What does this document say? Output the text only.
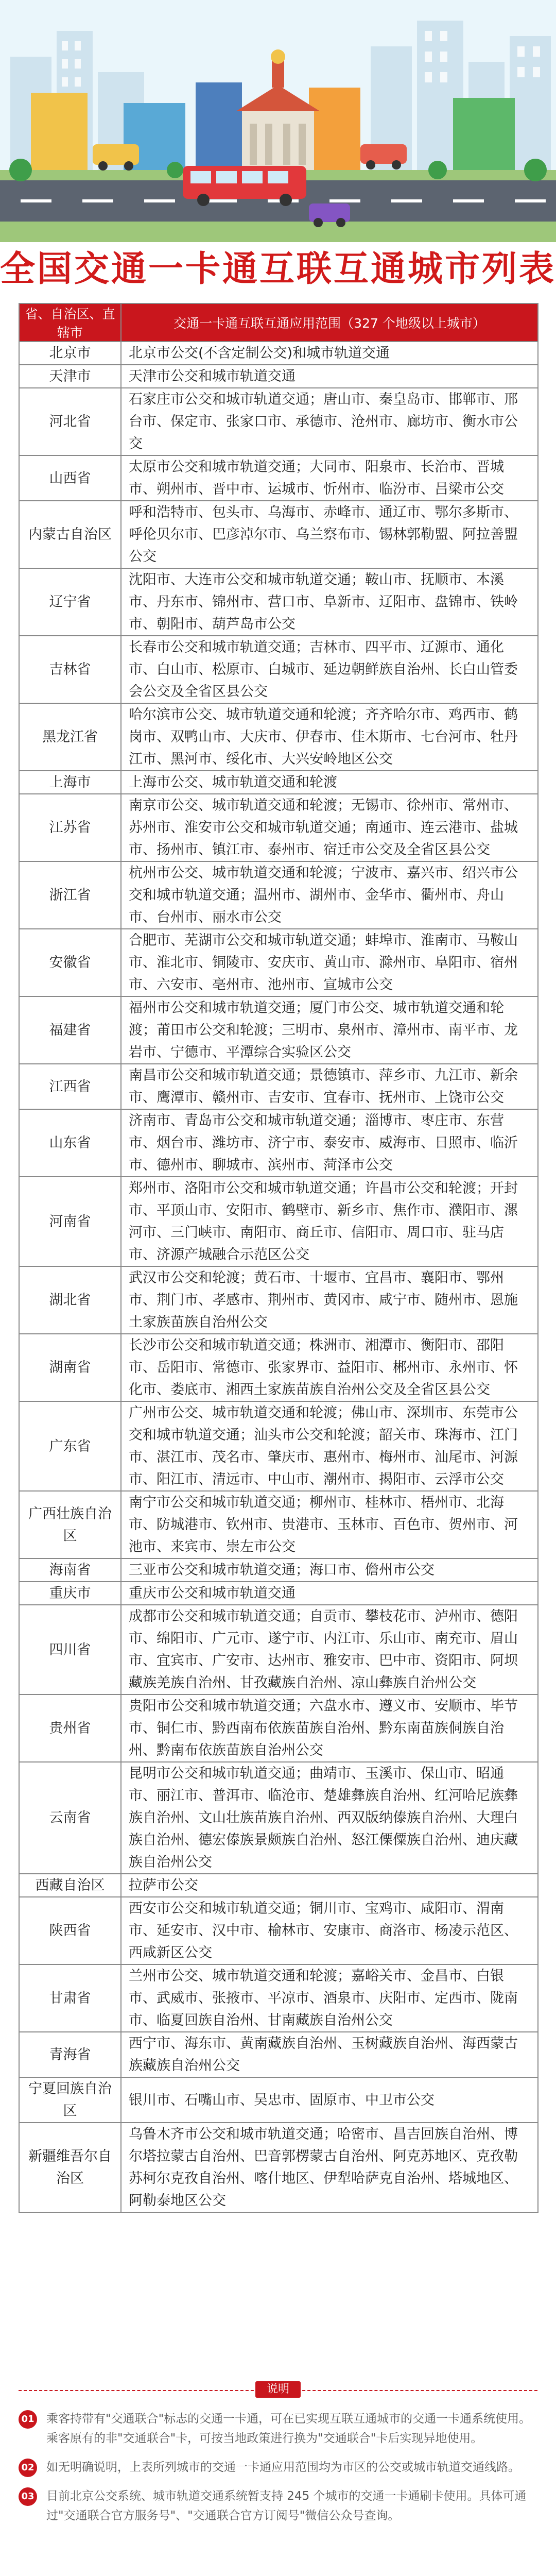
全国交通一卡通互联互通城市列表
省、自治区、直辖市	交通一卡通互联互通应用范围（327 个地级以上城市）
北京市	北京市公交(不含定制公交)和城市轨道交通
天津市	天津市公交和城市轨道交通
河北省	石家庄市公交和城市轨道交通；唐山市、秦皇岛市、邯郸市、邢台市、保定市、张家口市、承德市、沧州市、廊坊市、衡水市公交
山西省	太原市公交和城市轨道交通；大同市、阳泉市、长治市、晋城市、朔州市、晋中市、运城市、忻州市、临汾市、吕梁市公交
内蒙古自治区	呼和浩特市、包头市、乌海市、赤峰市、通辽市、鄂尔多斯市、呼伦贝尔市、巴彦淖尔市、乌兰察布市、锡林郭勒盟、阿拉善盟公交
辽宁省	沈阳市、大连市公交和城市轨道交通；鞍山市、抚顺市、本溪市、丹东市、锦州市、营口市、阜新市、辽阳市、盘锦市、铁岭市、朝阳市、葫芦岛市公交
吉林省	长春市公交和城市轨道交通；吉林市、四平市、辽源市、通化市、白山市、松原市、白城市、延边朝鲜族自治州、长白山管委会公交及全省区县公交
黑龙江省	哈尔滨市公交、城市轨道交通和轮渡；齐齐哈尔市、鸡西市、鹤岗市、双鸭山市、大庆市、伊春市、佳木斯市、七台河市、牡丹江市、黑河市、绥化市、大兴安岭地区公交
上海市	上海市公交、城市轨道交通和轮渡
江苏省	南京市公交、城市轨道交通和轮渡；无锡市、徐州市、常州市、苏州市、淮安市公交和城市轨道交通；南通市、连云港市、盐城市、扬州市、镇江市、泰州市、宿迁市公交及全省区县公交
浙江省	杭州市公交、城市轨道交通和轮渡；宁波市、嘉兴市、绍兴市公交和城市轨道交通；温州市、湖州市、金华市、衢州市、舟山市、台州市、丽水市公交
安徽省	合肥市、芜湖市公交和城市轨道交通；蚌埠市、淮南市、马鞍山市、淮北市、铜陵市、安庆市、黄山市、滁州市、阜阳市、宿州市、六安市、亳州市、池州市、宣城市公交
福建省	福州市公交和城市轨道交通；厦门市公交、城市轨道交通和轮渡；莆田市公交和轮渡；三明市、泉州市、漳州市、南平市、龙岩市、宁德市、平潭综合实验区公交
江西省	南昌市公交和城市轨道交通；景德镇市、萍乡市、九江市、新余市、鹰潭市、赣州市、吉安市、宜春市、抚州市、上饶市公交
山东省	济南市、青岛市公交和城市轨道交通；淄博市、枣庄市、东营市、烟台市、潍坊市、济宁市、泰安市、威海市、日照市、临沂市、德州市、聊城市、滨州市、菏泽市公交
河南省	郑州市、洛阳市公交和城市轨道交通；许昌市公交和轮渡；开封市、平顶山市、安阳市、鹤壁市、新乡市、焦作市、濮阳市、漯河市、三门峡市、南阳市、商丘市、信阳市、周口市、驻马店市、济源产城融合示范区公交
湖北省	武汉市公交和轮渡；黄石市、十堰市、宜昌市、襄阳市、鄂州市、荆门市、孝感市、荆州市、黄冈市、咸宁市、随州市、恩施土家族苗族自治州公交
湖南省	长沙市公交和城市轨道交通；株洲市、湘潭市、衡阳市、邵阳市、岳阳市、常德市、张家界市、益阳市、郴州市、永州市、怀化市、娄底市、湘西土家族苗族自治州公交及全省区县公交
广东省	广州市公交、城市轨道交通和轮渡；佛山市、深圳市、东莞市公交和城市轨道交通；汕头市公交和轮渡；韶关市、珠海市、江门市、湛江市、茂名市、肇庆市、惠州市、梅州市、汕尾市、河源市、阳江市、清远市、中山市、潮州市、揭阳市、云浮市公交
广西壮族自治区	南宁市公交和城市轨道交通；柳州市、桂林市、梧州市、北海市、防城港市、钦州市、贵港市、玉林市、百色市、贺州市、河池市、来宾市、崇左市公交
海南省	三亚市公交和城市轨道交通；海口市、儋州市公交
重庆市	重庆市公交和城市轨道交通
四川省	成都市公交和城市轨道交通；自贡市、攀枝花市、泸州市、德阳市、绵阳市、广元市、遂宁市、内江市、乐山市、南充市、眉山市、宜宾市、广安市、达州市、雅安市、巴中市、资阳市、阿坝藏族羌族自治州、甘孜藏族自治州、凉山彝族自治州公交
贵州省	贵阳市公交和城市轨道交通；六盘水市、遵义市、安顺市、毕节市、铜仁市、黔西南布依族苗族自治州、黔东南苗族侗族自治州、黔南布依族苗族自治州公交
云南省	昆明市公交和城市轨道交通；曲靖市、玉溪市、保山市、昭通市、丽江市、普洱市、临沧市、楚雄彝族自治州、红河哈尼族彝族自治州、文山壮族苗族自治州、西双版纳傣族自治州、大理白族自治州、德宏傣族景颇族自治州、怒江傈僳族自治州、迪庆藏族自治州公交
西藏自治区	拉萨市公交
陕西省	西安市公交和城市轨道交通；铜川市、宝鸡市、咸阳市、渭南市、延安市、汉中市、榆林市、安康市、商洛市、杨凌示范区、西咸新区公交
甘肃省	兰州市公交、城市轨道交通和轮渡；嘉峪关市、金昌市、白银市、武威市、张掖市、平凉市、酒泉市、庆阳市、定西市、陇南市、临夏回族自治州、甘南藏族自治州公交
青海省	西宁市、海东市、黄南藏族自治州、玉树藏族自治州、海西蒙古族藏族自治州公交
宁夏回族自治区	银川市、石嘴山市、吴忠市、固原市、中卫市公交
新疆维吾尔自治区	乌鲁木齐市公交和城市轨道交通；哈密市、昌吉回族自治州、博尔塔拉蒙古自治州、巴音郭楞蒙古自治州、阿克苏地区、克孜勒苏柯尔克孜自治州、喀什地区、伊犁哈萨克自治州、塔城地区、阿勒泰地区公交
说明
01 乘客持带有"交通联合"标志的交通一卡通，可在已实现互联互通城市的交通一卡通系统使用。乘客原有的非"交通联合"卡，可按当地政策进行换为"交通联合"卡后实现异地使用。
02 如无明确说明，上表所列城市的交通一卡通应用范围均为市区的公交或城市轨道交通线路。
03 目前北京公交系统、城市轨道交通系统暂支持 245 个城市的交通一卡通刷卡使用。具体可通过"交通联合官方服务号"、"交通联合官方订阅号"微信公众号查询。
